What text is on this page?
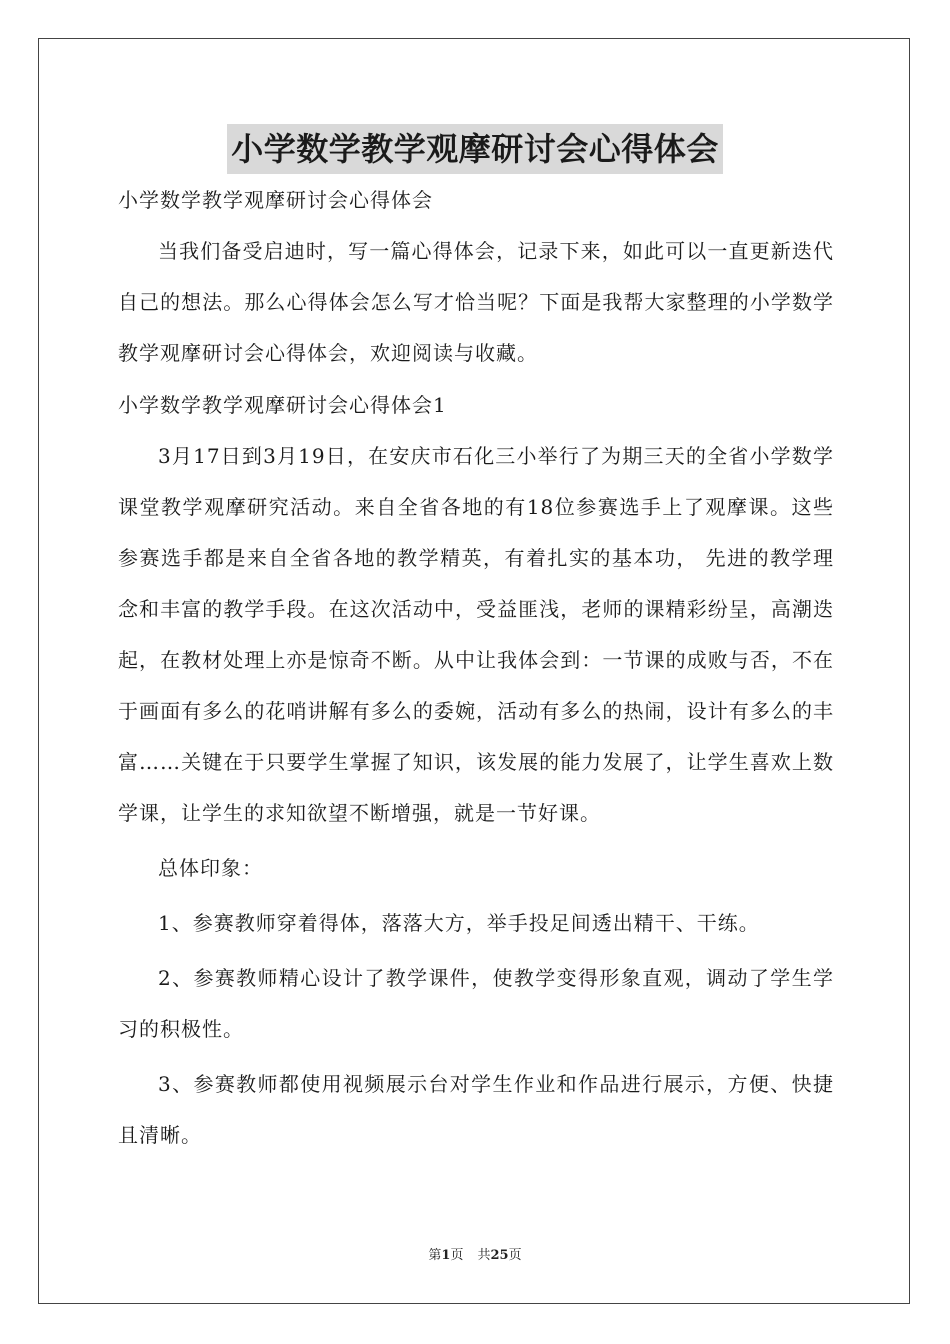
小学数学教学观摩研讨会心得体会

小学数学教学观摩研讨会心得体会

当我们备受启迪时，写一篇心得体会，记录下来，如此可以一直更新迭代自己的想法。那么心得体会怎么写才恰当呢？下面是我帮大家整理的小学数学教学观摩研讨会心得体会，欢迎阅读与收藏。

小学数学教学观摩研讨会心得体会1

3月17日到3月19日，在安庆市石化三小举行了为期三天的全省小学数学课堂教学观摩研究活动。来自全省各地的有18位参赛选手上了观摩课。这些参赛选手都是来自全省各地的教学精英，有着扎实的基本功， 先进的教学理念和丰富的教学手段。在这次活动中，受益匪浅，老师的课精彩纷呈，高潮迭起，在教材处理上亦是惊奇不断。从中让我体会到：一节课的成败与否，不在于画面有多么的花哨讲解有多么的委婉，活动有多么的热闹，设计有多么的丰富……关键在于只要学生掌握了知识，该发展的能力发展了，让学生喜欢上数学课，让学生的求知欲望不断增强，就是一节好课。

总体印象：

1、参赛教师穿着得体，落落大方，举手投足间透出精干、干练。

2、参赛教师精心设计了教学课件，使教学变得形象直观，调动了学生学习的积极性。

3、参赛教师都使用视频展示台对学生作业和作品进行展示，方便、快捷且清晰。

第1页 共25页
